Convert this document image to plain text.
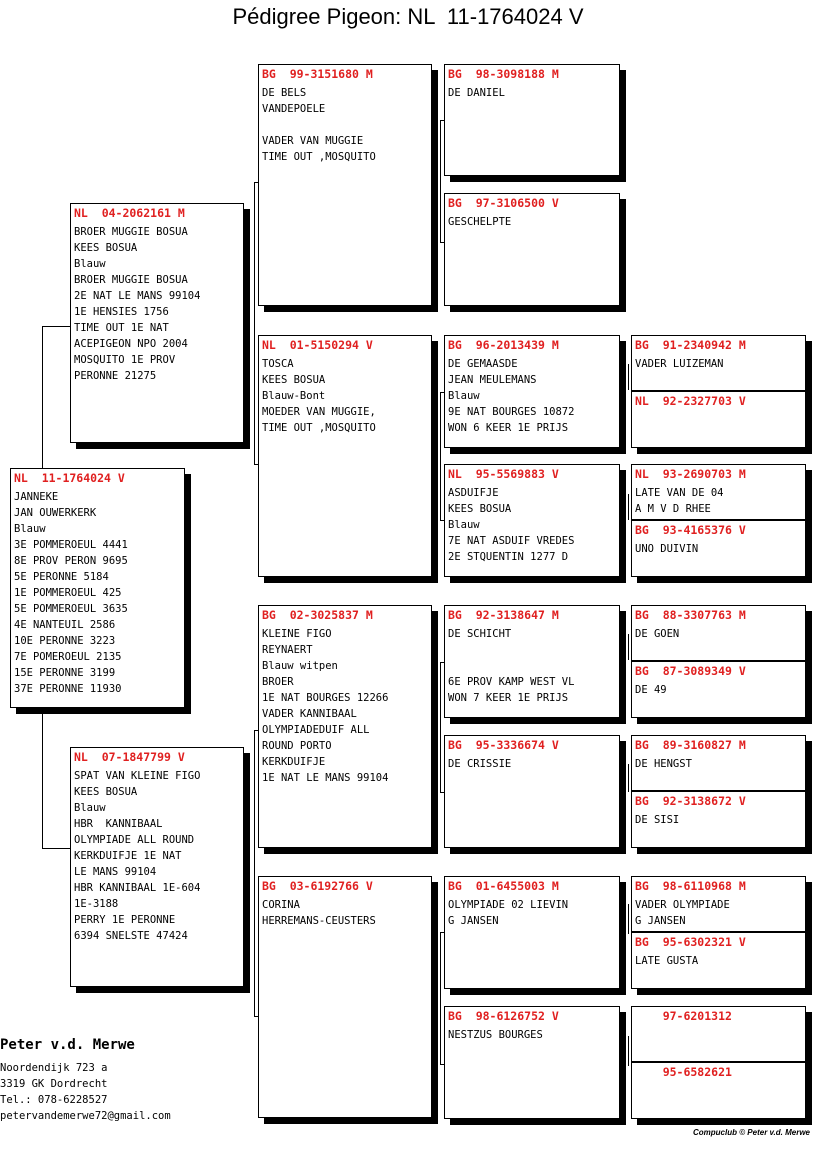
Pédigree Pigeon: NL  11-1764024 V
NL  11-1764024 V
JANNEKE
JAN OUWERKERK
Blauw
3E POMMEROEUL 4441
8E PROV PERON 9695
5E PERONNE 5184
1E POMMEROEUL 425
5E POMMEROEUL 3635
4E NANTEUIL 2586
10E PERONNE 3223
7E POMEROEUL 2135
15E PERONNE 3199
37E PERONNE 11930
NL  04-2062161 M
BROER MUGGIE BOSUA
KEES BOSUA
Blauw
BROER MUGGIE BOSUA
2E NAT LE MANS 99104
1E HENSIES 1756
TIME OUT 1E NAT
ACEPIGEON NPO 2004
MOSQUITO 1E PROV
PERONNE 21275
NL  07-1847799 V
SPAT VAN KLEINE FIGO
KEES BOSUA
Blauw
HBR  KANNIBAAL
OLYMPIADE ALL ROUND
KERKDUIFJE 1E NAT
LE MANS 99104
HBR KANNIBAAL 1E-604
1E-3188
PERRY 1E PERONNE
6394 SNELSTE 47424
BG  99-3151680 M
DE BELS
VANDEPOELE

VADER VAN MUGGIE
TIME OUT ,MOSQUITO
NL  01-5150294 V
TOSCA
KEES BOSUA
Blauw-Bont
MOEDER VAN MUGGIE,
TIME OUT ,MOSQUITO
BG  02-3025837 M
KLEINE FIGO
REYNAERT
Blauw witpen
BROER
1E NAT BOURGES 12266
VADER KANNIBAAL
OLYMPIADEDUIF ALL
ROUND PORTO
KERKDUIFJE
1E NAT LE MANS 99104
BG  03-6192766 V
CORINA
HERREMANS-CEUSTERS
BG  98-3098188 M
DE DANIEL
BG  97-3106500 V
GESCHELPTE
BG  96-2013439 M
DE GEMAASDE
JEAN MEULEMANS
Blauw
9E NAT BOURGES 10872
WON 6 KEER 1E PRIJS
NL  95-5569883 V
ASDUIFJE
KEES BOSUA
Blauw
7E NAT ASDUIF VREDES
2E STQUENTIN 1277 D
BG  92-3138647 M
DE SCHICHT

6E PROV KAMP WEST VL
WON 7 KEER 1E PRIJS
BG  95-3336674 V
DE CRISSIE
BG  01-6455003 M
OLYMPIADE 02 LIEVIN
G JANSEN
BG  98-6126752 V
NESTZUS BOURGES
BG  91-2340942 M
VADER LUIZEMAN
NL  92-2327703 V
NL  93-2690703 M
LATE VAN DE 04
A M V D RHEE
BG  93-4165376 V
UNO DUIVIN
BG  88-3307763 M
DE GOEN
BG  87-3089349 V
DE 49
BG  89-3160827 M
DE HENGST
BG  92-3138672 V
DE SISI
BG  98-6110968 M
VADER OLYMPIADE
G JANSEN
BG  95-6302321 V
LATE GUSTA
97-6201312
95-6582621
Peter v.d. Merwe
Noordendijk 723 a
3319 GK Dordrecht
Tel.: 078-6228527
petervandemerwe72@gmail.com
Compuclub © Peter v.d. Merwe
